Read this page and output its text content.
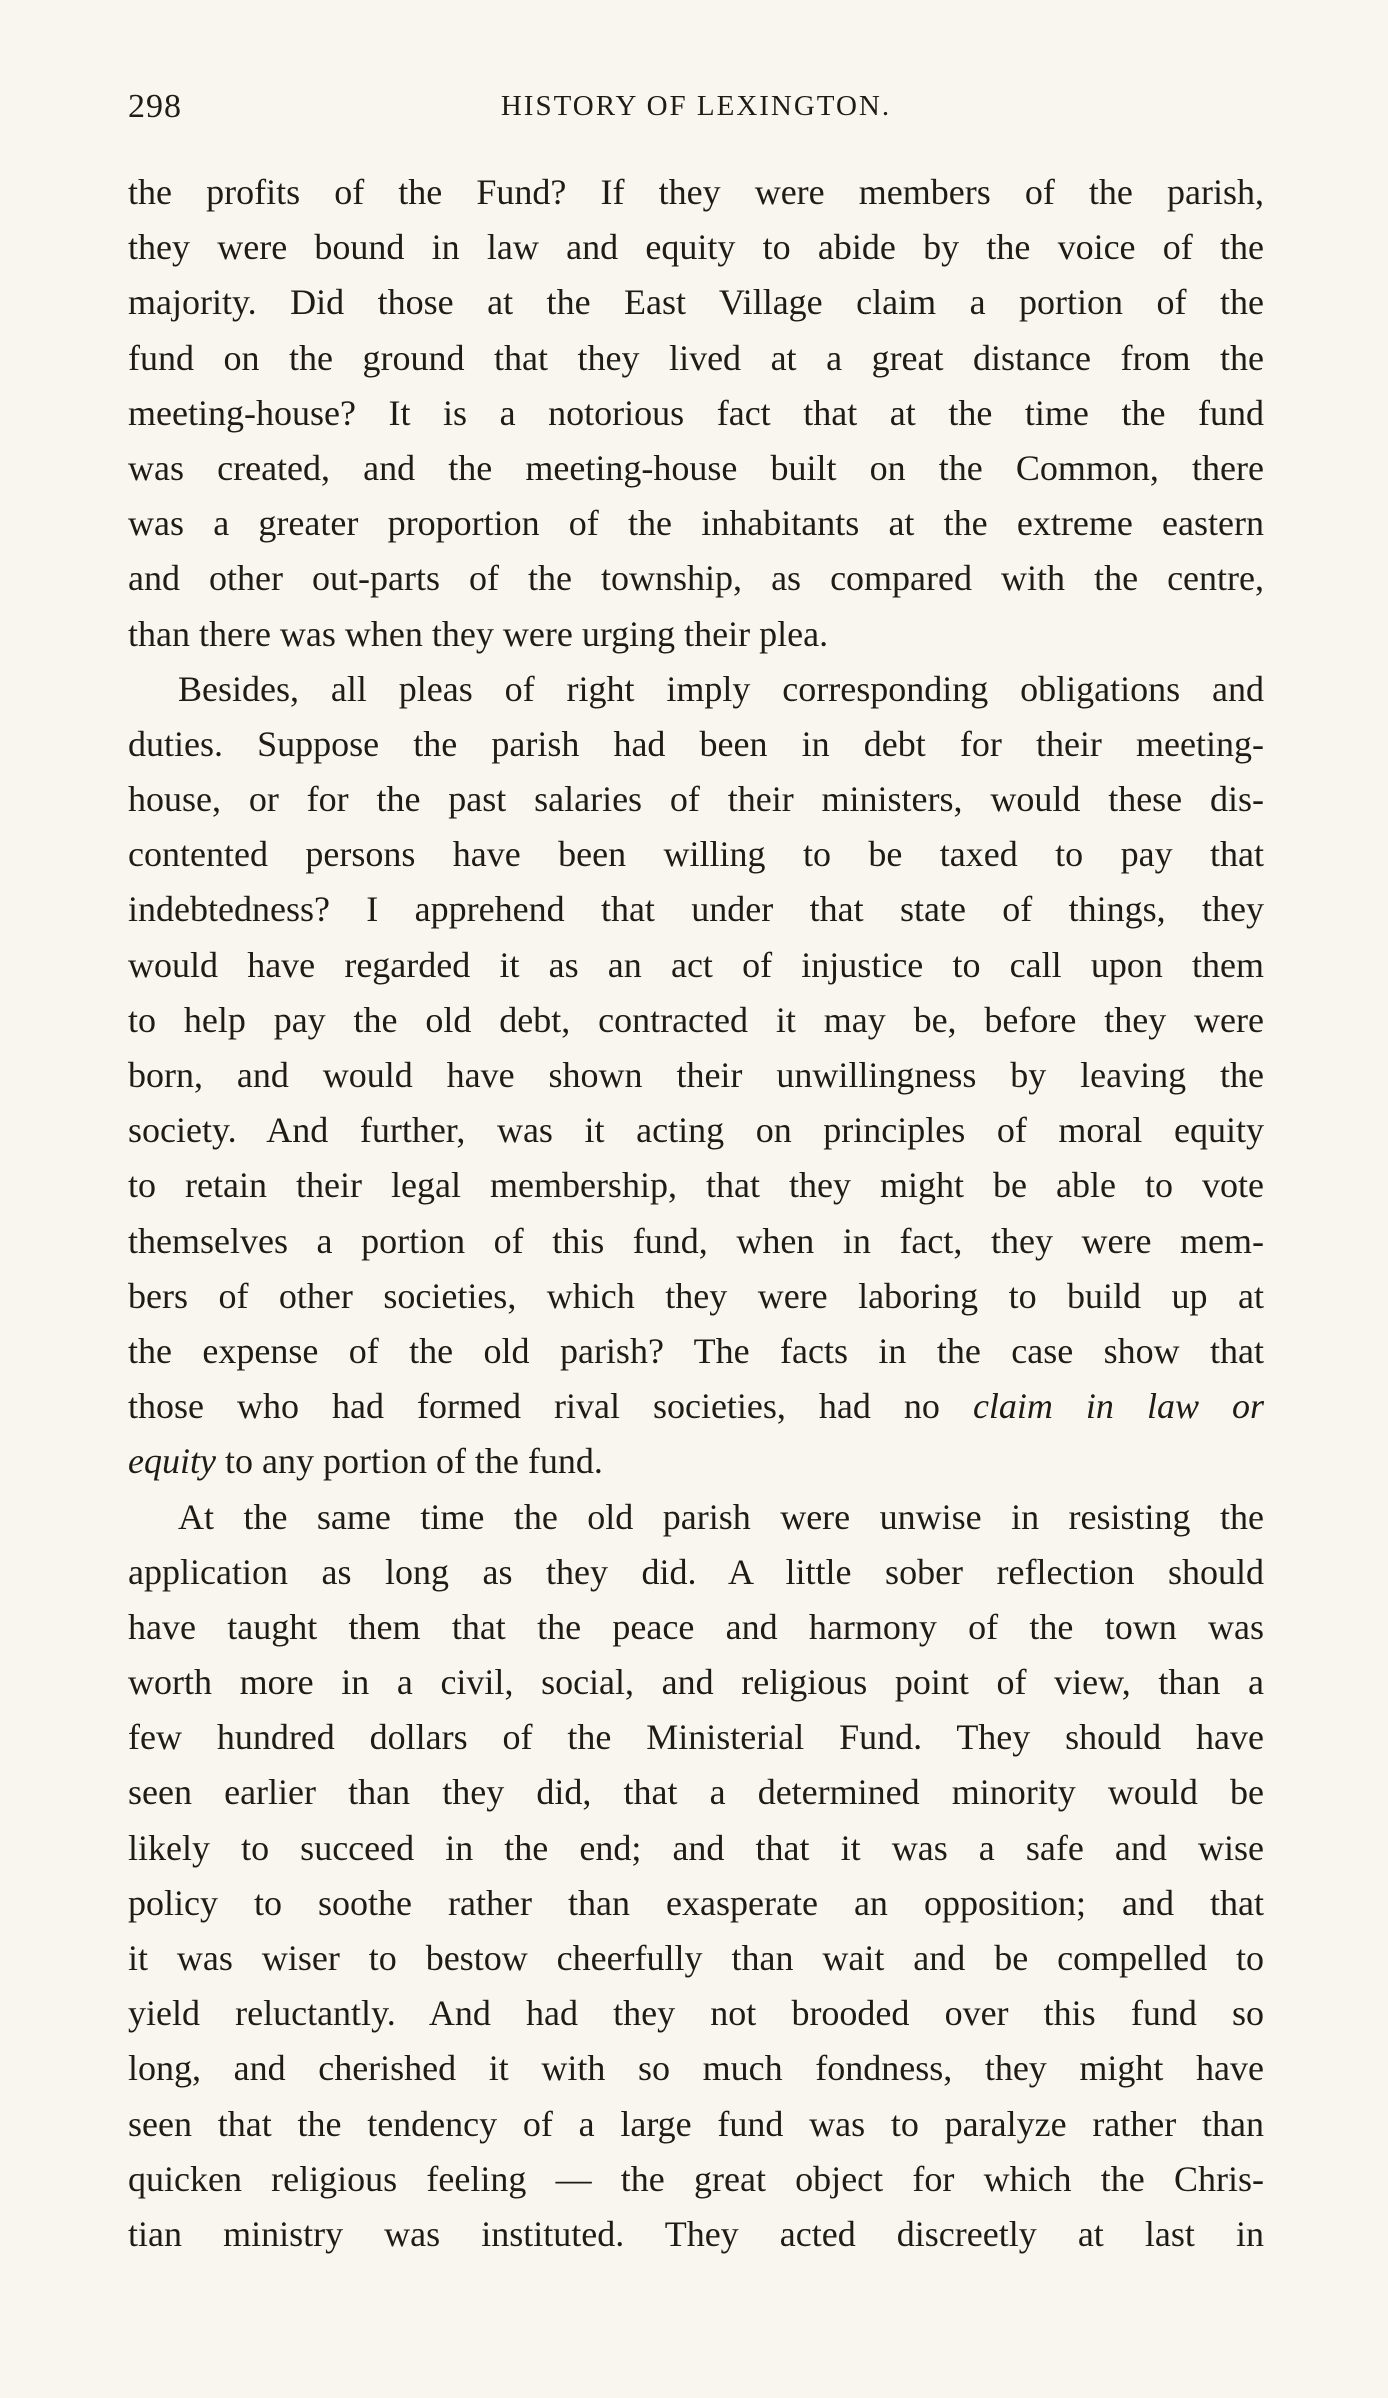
298	HISTORY OF LEXINGTON.
the profits of the Fund? If they were members of the parish,
they were bound in law and equity to abide by the voice of the
majority. Did those at the East Village claim a portion of the
fund on the ground that they lived at a great distance from the
meeting-house? It is a notorious fact that at the time the fund
was created, and the meeting-house built on the Common, there
was a greater proportion of the inhabitants at the extreme eastern
and other out-parts of the township, as compared with the centre,
than there was when they were urging their plea.
Besides, all pleas of right imply corresponding obligations and
duties. Suppose the parish had been in debt for their meeting-
house, or for the past salaries of their ministers, would these dis-
contented persons have been willing to be taxed to pay that
indebtedness? I apprehend that under that state of things, they
would have regarded it as an act of injustice to call upon them
to help pay the old debt, contracted it may be, before they were
born, and would have shown their unwillingness by leaving the
society. And further, was it acting on principles of moral equity
to retain their legal membership, that they might be able to vote
themselves a portion of this fund, when in fact, they were mem-
bers of other societies, which they were laboring to build up at
the expense of the old parish? The facts in the case show that
those who had formed rival societies, had no claim in law or
equity to any portion of the fund.
At the same time the old parish were unwise in resisting the
application as long as they did. A little sober reflection should
have taught them that the peace and harmony of the town was
worth more in a civil, social, and religious point of view, than a
few hundred dollars of the Ministerial Fund. They should have
seen earlier than they did, that a determined minority would be
likely to succeed in the end; and that it was a safe and wise
policy to soothe rather than exasperate an opposition; and that
it was wiser to bestow cheerfully than wait and be compelled to
yield reluctantly. And had they not brooded over this fund so
long, and cherished it with so much fondness, they might have
seen that the tendency of a large fund was to paralyze rather than
quicken religious feeling — the great object for which the Chris-
tian ministry was instituted. They acted discreetly at last in
